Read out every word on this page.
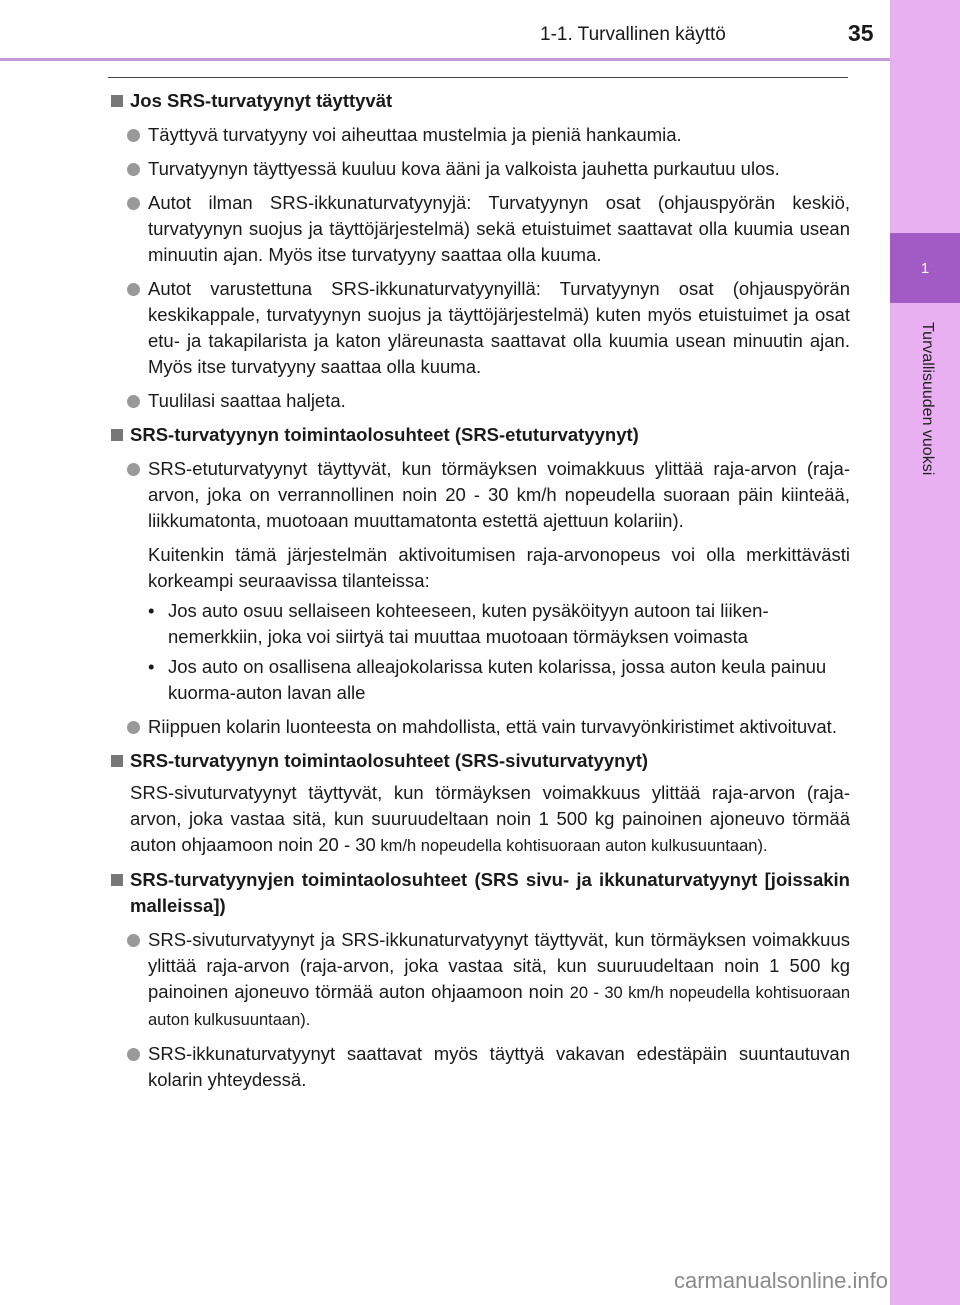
1-1. Turvallinen käyttö	35
1
Turvallisuuden vuoksi
Jos SRS-turvatyynyt täyttyvät
Täyttyvä turvatyyny voi aiheuttaa mustelmia ja pieniä hankaumia.
Turvatyynyn täyttyessä kuuluu kova ääni ja valkoista jauhetta purkautuu ulos.
Autot ilman SRS-ikkunaturvatyynyjä: Turvatyynyn osat (ohjauspyörän keskiö, turvatyynyn suojus ja täyttöjärjestelmä) sekä etuistuimet saattavat olla kuumia usean minuutin ajan. Myös itse turvatyyny saattaa olla kuuma.
Autot varustettuna SRS-ikkunaturvatyynyillä: Turvatyynyn osat (ohjauspyörän keskikappale, turvatyynyn suojus ja täyttöjärjestelmä) kuten myös etuistuimet ja osat etu- ja takapilarista ja katon yläreunasta saattavat olla kuumia usean minuutin ajan. Myös itse turvatyyny saattaa olla kuuma.
Tuulilasi saattaa haljeta.
SRS-turvatyynyn toimintaolosuhteet (SRS-etuturvatyynyt)
SRS-etuturvatyynyt täyttyvät, kun törmäyksen voimakkuus ylittää raja-arvon (raja-arvon, joka on verrannollinen noin 20 - 30 km/h nopeudella suoraan päin kiinteää, liikkumatonta, muotoaan muuttamatonta estettä ajettuun kolariin).
Kuitenkin tämä järjestelmän aktivoitumisen raja-arvonopeus voi olla merkittävästi korkeampi seuraavissa tilanteissa:
• Jos auto osuu sellaiseen kohteeseen, kuten pysäköityyn autoon tai liikennemerkkiin, joka voi siirtyä tai muuttaa muotoaan törmäyksen voimasta
• Jos auto on osallisena alleajokolarissa kuten kolarissa, jossa auton keula painuu kuorma-auton lavan alle
Riippuen kolarin luonteesta on mahdollista, että vain turvavyönkiristimet aktivoituvat.
SRS-turvatyynyn toimintaolosuhteet (SRS-sivuturvatyynyt)
SRS-sivuturvatyynyt täyttyvät, kun törmäyksen voimakkuus ylittää raja-arvon (raja-arvon, joka vastaa sitä, kun suuruudeltaan noin 1 500 kg painoinen ajoneuvo törmää auton ohjaamoon noin 20 - 30 km/h nopeudella kohtisuoraan auton kulkusuuntaan).
SRS-turvatyynyjen toimintaolosuhteet (SRS sivu- ja ikkunaturvatyynyt [joissakin malleissa])
SRS-sivuturvatyynyt ja SRS-ikkunaturvatyynyt täyttyvät, kun törmäyksen voimakkuus ylittää raja-arvon (raja-arvon, joka vastaa sitä, kun suuruudeltaan noin 1 500 kg painoinen ajoneuvo törmää auton ohjaamoon noin 20 - 30 km/h nopeudella kohtisuoraan auton kulkusuuntaan).
SRS-ikkunaturvatyynyt saattavat myös täyttyä vakavan edestäpäin suuntautuvan kolarin yhteydessä.
carmanualsonline.info
